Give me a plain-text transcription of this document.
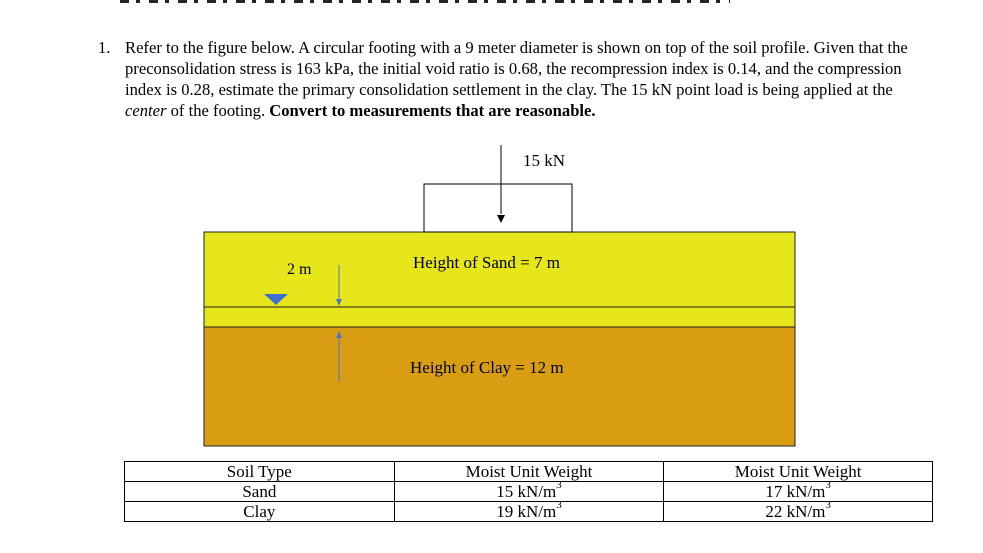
1. Refer to the figure below. A circular footing with a 9 meter diameter is shown on top of the soil profile. Given that the preconsolidation stress is 163 kPa, the initial void ratio is 0.68, the recompression index is 0.14, and the compression index is 0.28, estimate the primary consolidation settlement in the clay. The 15 kN point load is being applied at the center of the footing. Convert to measurements that are reasonable.
15 kN
2 m	Height of Sand = 7 m
Height of Clay = 12 m
Soil Type	Moist Unit Weight	Moist Unit Weight
Sand	15 $kN/m^3$	17 $kN/m^3$
Clay	19 $kN/m^3$	22 $kN/m^3$
